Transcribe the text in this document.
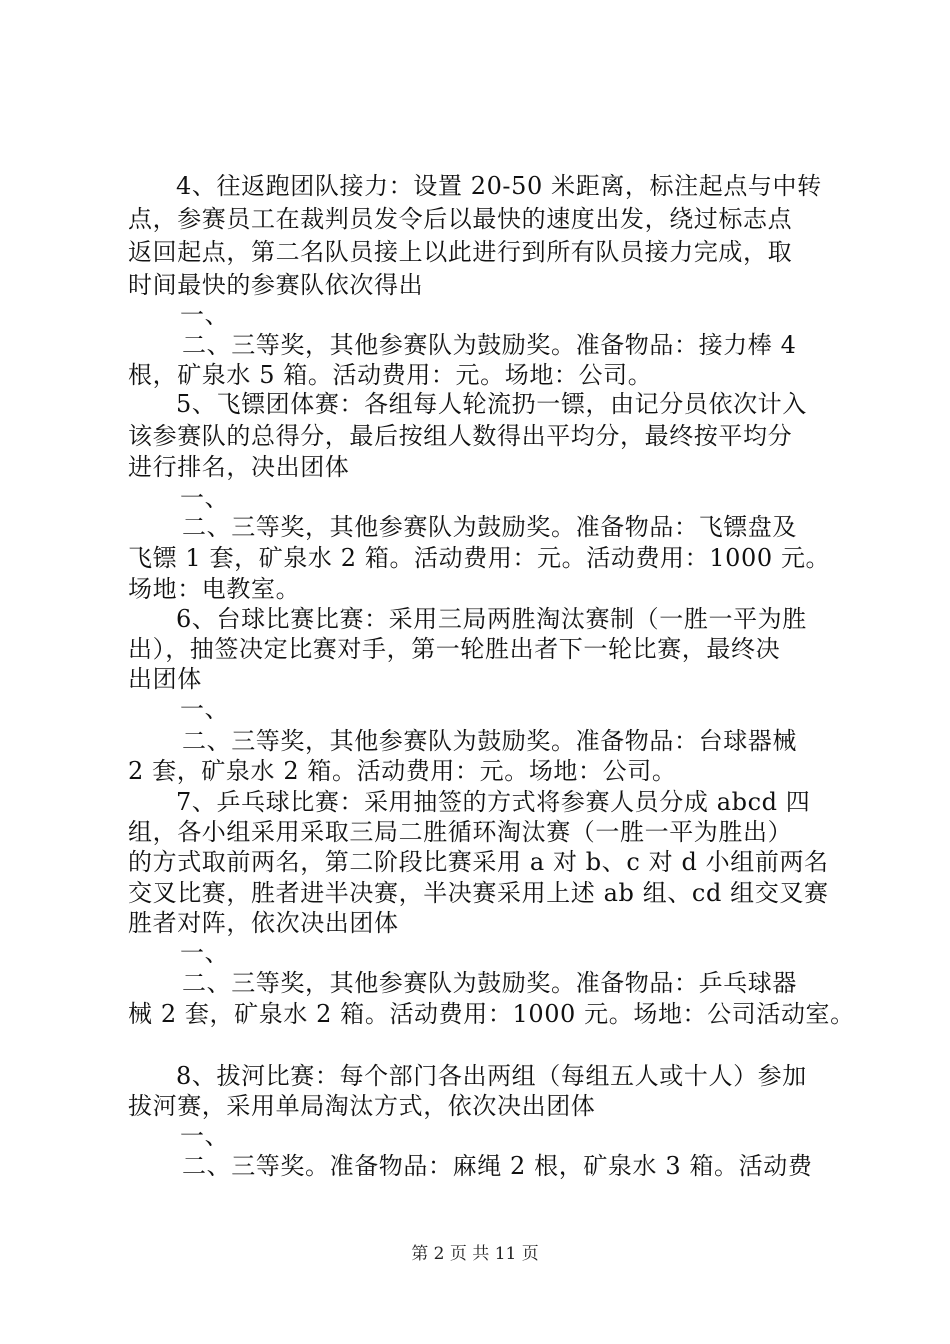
4、往返跑团队接力：设置 20-50 米距离，标注起点与中转
点，参赛员工在裁判员发令后以最快的速度出发，绕过标志点
返回起点，第二名队员接上以此进行到所有队员接力完成，取
时间最快的参赛队依次得出
一、
二、三等奖，其他参赛队为鼓励奖。准备物品：接力棒 4
根，矿泉水 5 箱。活动费用：元。场地：公司。
5、飞镖团体赛：各组每人轮流扔一镖，由记分员依次计入
该参赛队的总得分，最后按组人数得出平均分，最终按平均分
进行排名，决出团体
一、
二、三等奖，其他参赛队为鼓励奖。准备物品：飞镖盘及
飞镖 1 套，矿泉水 2 箱。活动费用：元。活动费用：1000 元。
场地：电教室。
6、台球比赛比赛：采用三局两胜淘汰赛制（一胜一平为胜
出），抽签决定比赛对手，第一轮胜出者下一轮比赛，最终决
出团体
一、
二、三等奖，其他参赛队为鼓励奖。准备物品：台球器械
2 套，矿泉水 2 箱。活动费用：元。场地：公司。
7、乒乓球比赛：采用抽签的方式将参赛人员分成 abcd 四
组，各小组采用采取三局二胜循环淘汰赛（一胜一平为胜出）
的方式取前两名，第二阶段比赛采用 a 对 b、c 对 d 小组前两名
交叉比赛，胜者进半决赛，半决赛采用上述 ab 组、cd 组交叉赛
胜者对阵，依次决出团体
一、
二、三等奖，其他参赛队为鼓励奖。准备物品：乒乓球器
械 2 套，矿泉水 2 箱。活动费用：1000 元。场地：公司活动室。
8、拔河比赛：每个部门各出两组（每组五人或十人）参加
拔河赛，采用单局淘汰方式，依次决出团体
一、
二、三等奖。准备物品：麻绳 2 根，矿泉水 3 箱。活动费
第 2 页 共 11 页
